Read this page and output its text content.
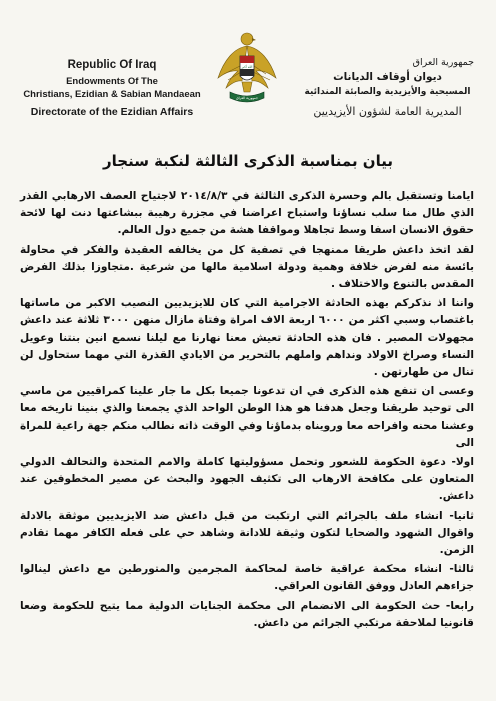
Republic Of Iraq
Endowments Of The
Christians, Ezidian & Sabian Mandaean
Directorate of the Ezidian Affairs
الله أكبر
جمهورية العراق
جمهورية العراق
ديوان أوقاف الديانات
المسيحية والأيزيدية والصابئة المندائية
المديرية العامة لشؤون الأيزيديين
بيان بمناسبة الذكرى الثالثة لنكبة سنجار

ايامنا وتستقبل بالم وحسرة الذكرى الثالثة في ٢٠١٤/٨/٣ لاجتياح العصف الارهابي القذر الذي طال منا سلب نساؤنا واستباح اعراضنا في مجزرة رهيبة ببشاعتها دنت لها لائحة حقوق الانسان اسفا وسط تجاهلا ومواقفا هشة من جميع دول العالم.

لقد اتخذ داعش طريقا ممنهجا في تصفية كل من يخالفه العقيدة والفكر في محاولة بائسة منه لفرض خلافة وهمية ودولة اسلامية مالها من شرعية .متجاوزا بذلك الفرض المقدس بالتنوع والاختلاف .

واننا اذ نذكركم بهذه الحادثة الاجرامية التي كان للايزيديين النصيب الاكبر من ماساتها باغتصاب وسبي اكثر من ٦٠٠٠ اربعة الاف امراة وفتاة مازال منهن ٣٠٠٠ ثلاثة عند داعش مجهولات المصير . فان هذه الحادثة تعيش معنا نهارنا مع ليلنا نسمع انين بنتنا وعويل النساء وصراخ الاولاد ونداهم واملهم بالتحرير من الايادي القذرة التي مهما ستحاول لن تنال من طهارتهن .

وعسى ان تنفع هذه الذكرى في ان تدعونا جميعا بكل ما جار علينا كمراقيين من ماسي الى توحيد طريقنا وجعل هدفنا هو هذا الوطن الواحد الذي يجمعنا والذي بنينا تاريخه معا وعشنا محنه وافراحه معا ورويناه بدماؤنا وفي الوقت ذاته نطالب منكم جهة راعية للمراة الى

اولا- دعوة الحكومة للشعور وتحمل مسؤوليتها كاملة والامم المتحدة والتحالف الدولي المتعاون على مكافحة الارهاب الى تكثيف الجهود والبحث عن مصير المخطوفين عند داعش.

ثانيا- انشاء ملف بالجرائم التي ارتكبت من قبل داعش ضد الايزيديين موثقة بالادلة واقوال الشهود والضحايا لتكون وثيقة للادانة وشاهد حي على فعله الكافر مهما تقادم الزمن.

ثالثا- انشاء محكمة عراقية خاصة لمحاكمة المجرمين والمتورطين مع داعش لينالوا جزاءهم العادل ووفق القانون العراقي.

رابعا- حث الحكومة الى الانضمام الى محكمة الجنايات الدولية مما يتيح للحكومة وضعا قانونيا لملاحقة مرتكبي الجرائم من داعش.
